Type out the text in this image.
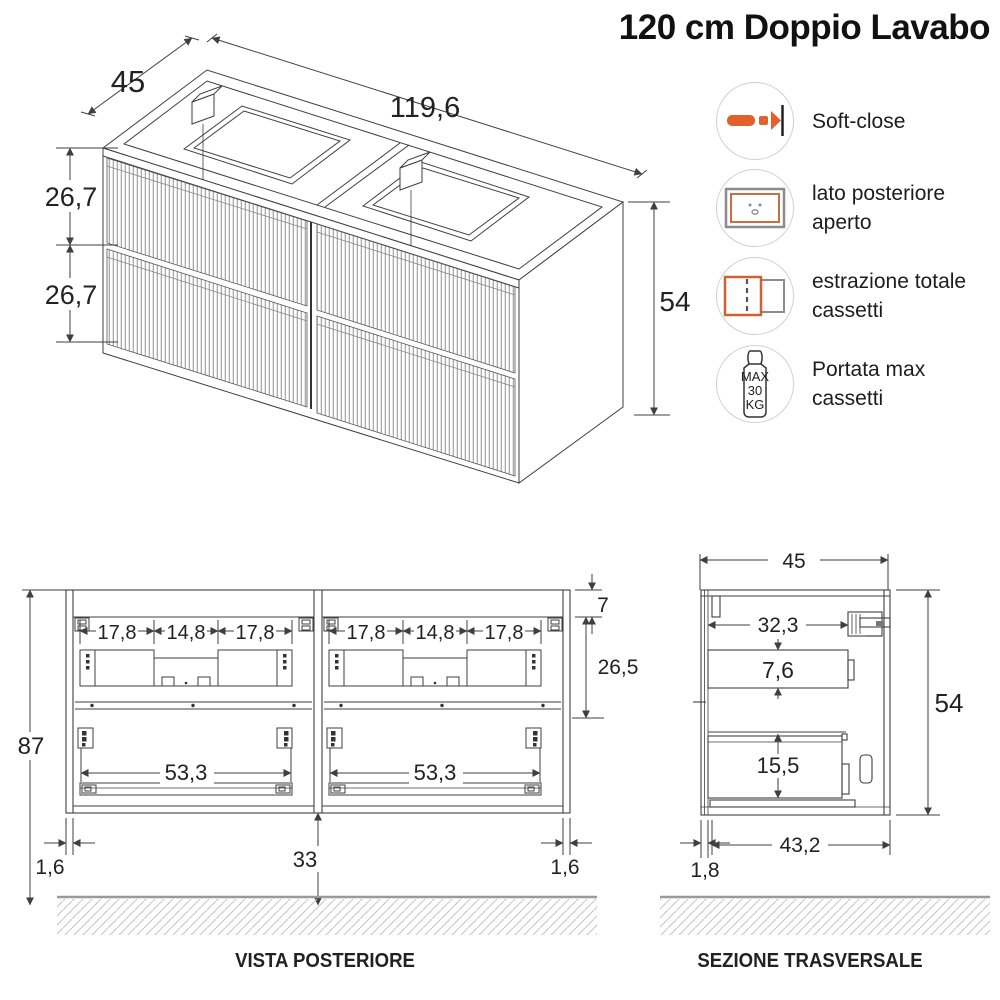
120 cm Doppio Lavabo
45
119,6
26,7
26,7	54
Soft-close
lato posteriore
aperto
estrazione totale
cassetti
MAX
30
KG
Portata max
cassetti
17,8 14,8 17,8
53,3
17,8 14,8 17,8
53,3
87
7
26,5
1,6	1,6
33
45
32,3
7,6
54
15,5
43,2
1,8
VISTA POSTERIORE	SEZIONE TRASVERSALE
